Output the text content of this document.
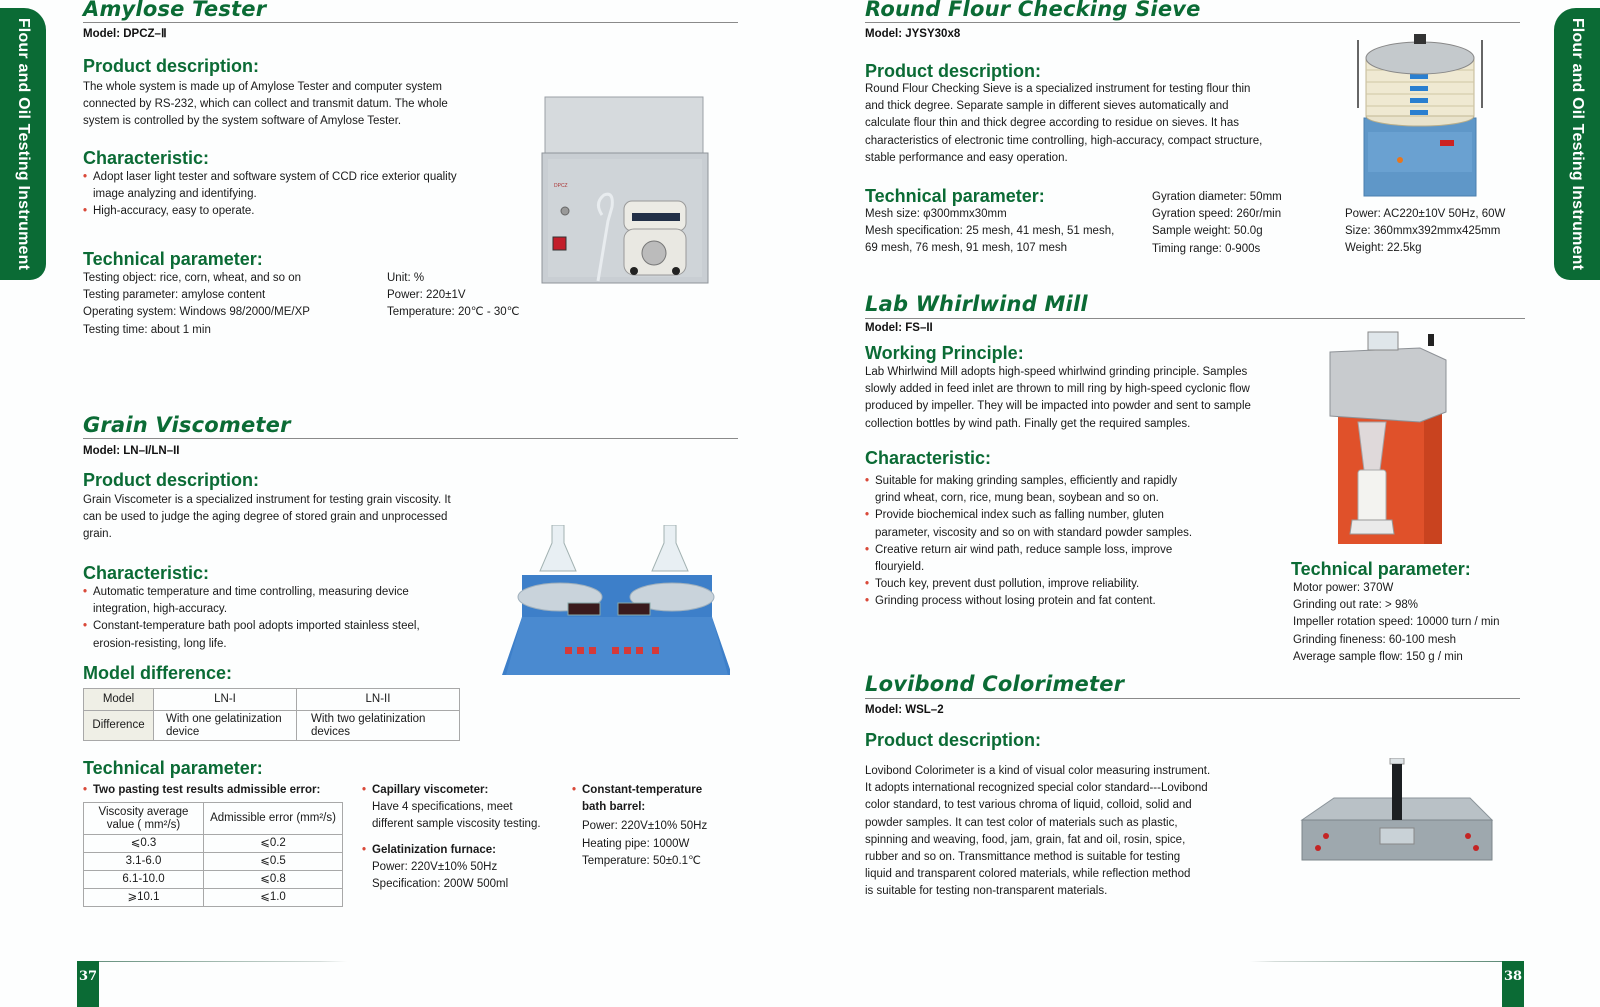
Flour and Oil Testing Instrument	Flour and Oil Testing Instrument
Amylose Tester
Model: DPCZ–Ⅱ
Product description:
The whole system is made up of Amylose Tester and computer system
connected by RS-232, which can collect and transmit datum. The whole
system is controlled by the system software of Amylose Tester.
Characteristic:
• Adopt laser light tester and software system of CCD rice exterior quality
image analyzing and identifying.
• High-accuracy, easy to operate.
Technical parameter:
Testing object: rice, corn, wheat, and so on
Testing parameter: amylose content
Operating system: Windows 98/2000/ME/XP
Testing time: about 1 min
Unit: %
Power: 220±1V
Temperature: 20℃ - 30℃
DPCZ
Grain Viscometer
Model: LN–I/LN–II
Product description:
Grain Viscometer is a specialized instrument for testing grain viscosity. It
can be used to judge the aging degree of stored grain and unprocessed
grain.
Characteristic:
• Automatic temperature and time controlling, measuring device
integration, high-accuracy.
• Constant-temperature bath pool adopts imported stainless steel,
erosion-resisting, long life.
Model difference:
Model	LN-I	LN-II
Difference	With one gelatinization device	With two gelatinization devices
Technical parameter:
• Two pasting test results admissible error:
Viscosity average value ( mm²/s)	Admissible error (mm²/s)
⩽0.3	⩽0.2
3.1-6.0	⩽0.5
6.1-10.0	⩽0.8
⩾10.1	⩽1.0
• Capillary viscometer:
Have 4 specifications, meet
different sample viscosity testing.
• Gelatinization furnace:
Power: 220V±10% 50Hz
Specification: 200W 500ml
• Constant-temperature
bath barrel:
Power: 220V±10% 50Hz
Heating pipe: 1000W
Temperature: 50±0.1℃
Round Flour Checking Sieve
Model: JYSY30x8
Product description:
Round Flour Checking Sieve is a specialized instrument for testing flour thin
and thick degree. Separate sample in different sieves automatically and
calculate flour thin and thick degree according to residue on sieves. It has
characteristics of electronic time controlling, high-accuracy, compact structure,
stable performance and easy operation.
Technical parameter:
Mesh size: φ300mmx30mm
Mesh specification: 25 mesh, 41 mesh, 51 mesh,
69 mesh, 76 mesh, 91 mesh, 107 mesh
Gyration diameter: 50mm
Gyration speed: 260r/min
Sample weight: 50.0g
Timing range: 0-900s
Power: AC220±10V 50Hz, 60W
Size: 360mmx392mmx425mm
Weight: 22.5kg
Lab Whirlwind Mill
Model: FS–II
Working Principle:
Lab Whirlwind Mill adopts high-speed whirlwind grinding principle. Samples
slowly added in feed inlet are thrown to mill ring by high-speed cyclonic flow
produced by impeller. They will be impacted into powder and sent to sample
collection bottles by wind path. Finally get the required samples.
Characteristic:
• Suitable for making grinding samples, efficiently and rapidly
grind wheat, corn, rice, mung bean, soybean and so on.
• Provide biochemical index such as falling number, gluten
parameter, viscosity and so on with standard powder samples.
• Creative return air wind path, reduce sample loss, improve
flouryield.
• Touch key, prevent dust pollution, improve reliability.
• Grinding process without losing protein and fat content.
Technical parameter:
Motor power: 370W
Grinding out rate: > 98%
Impeller rotation speed: 10000 turn / min
Grinding fineness: 60-100 mesh
Average sample flow: 150 g / min
Lovibond Colorimeter
Model: WSL–2
Product description:
Lovibond Colorimeter is a kind of visual color measuring instrument.
It adopts international recognized special color standard---Lovibond
color standard, to test various chroma of liquid, colloid, solid and
powder samples. It can test color of materials such as plastic,
spinning and weaving, food, jam, grain, fat and oil, rosin, spice,
rubber and so on. Transmittance method is suitable for testing
liquid and transparent colored materials, while reflection method
is suitable for testing non-transparent materials.
37	38
